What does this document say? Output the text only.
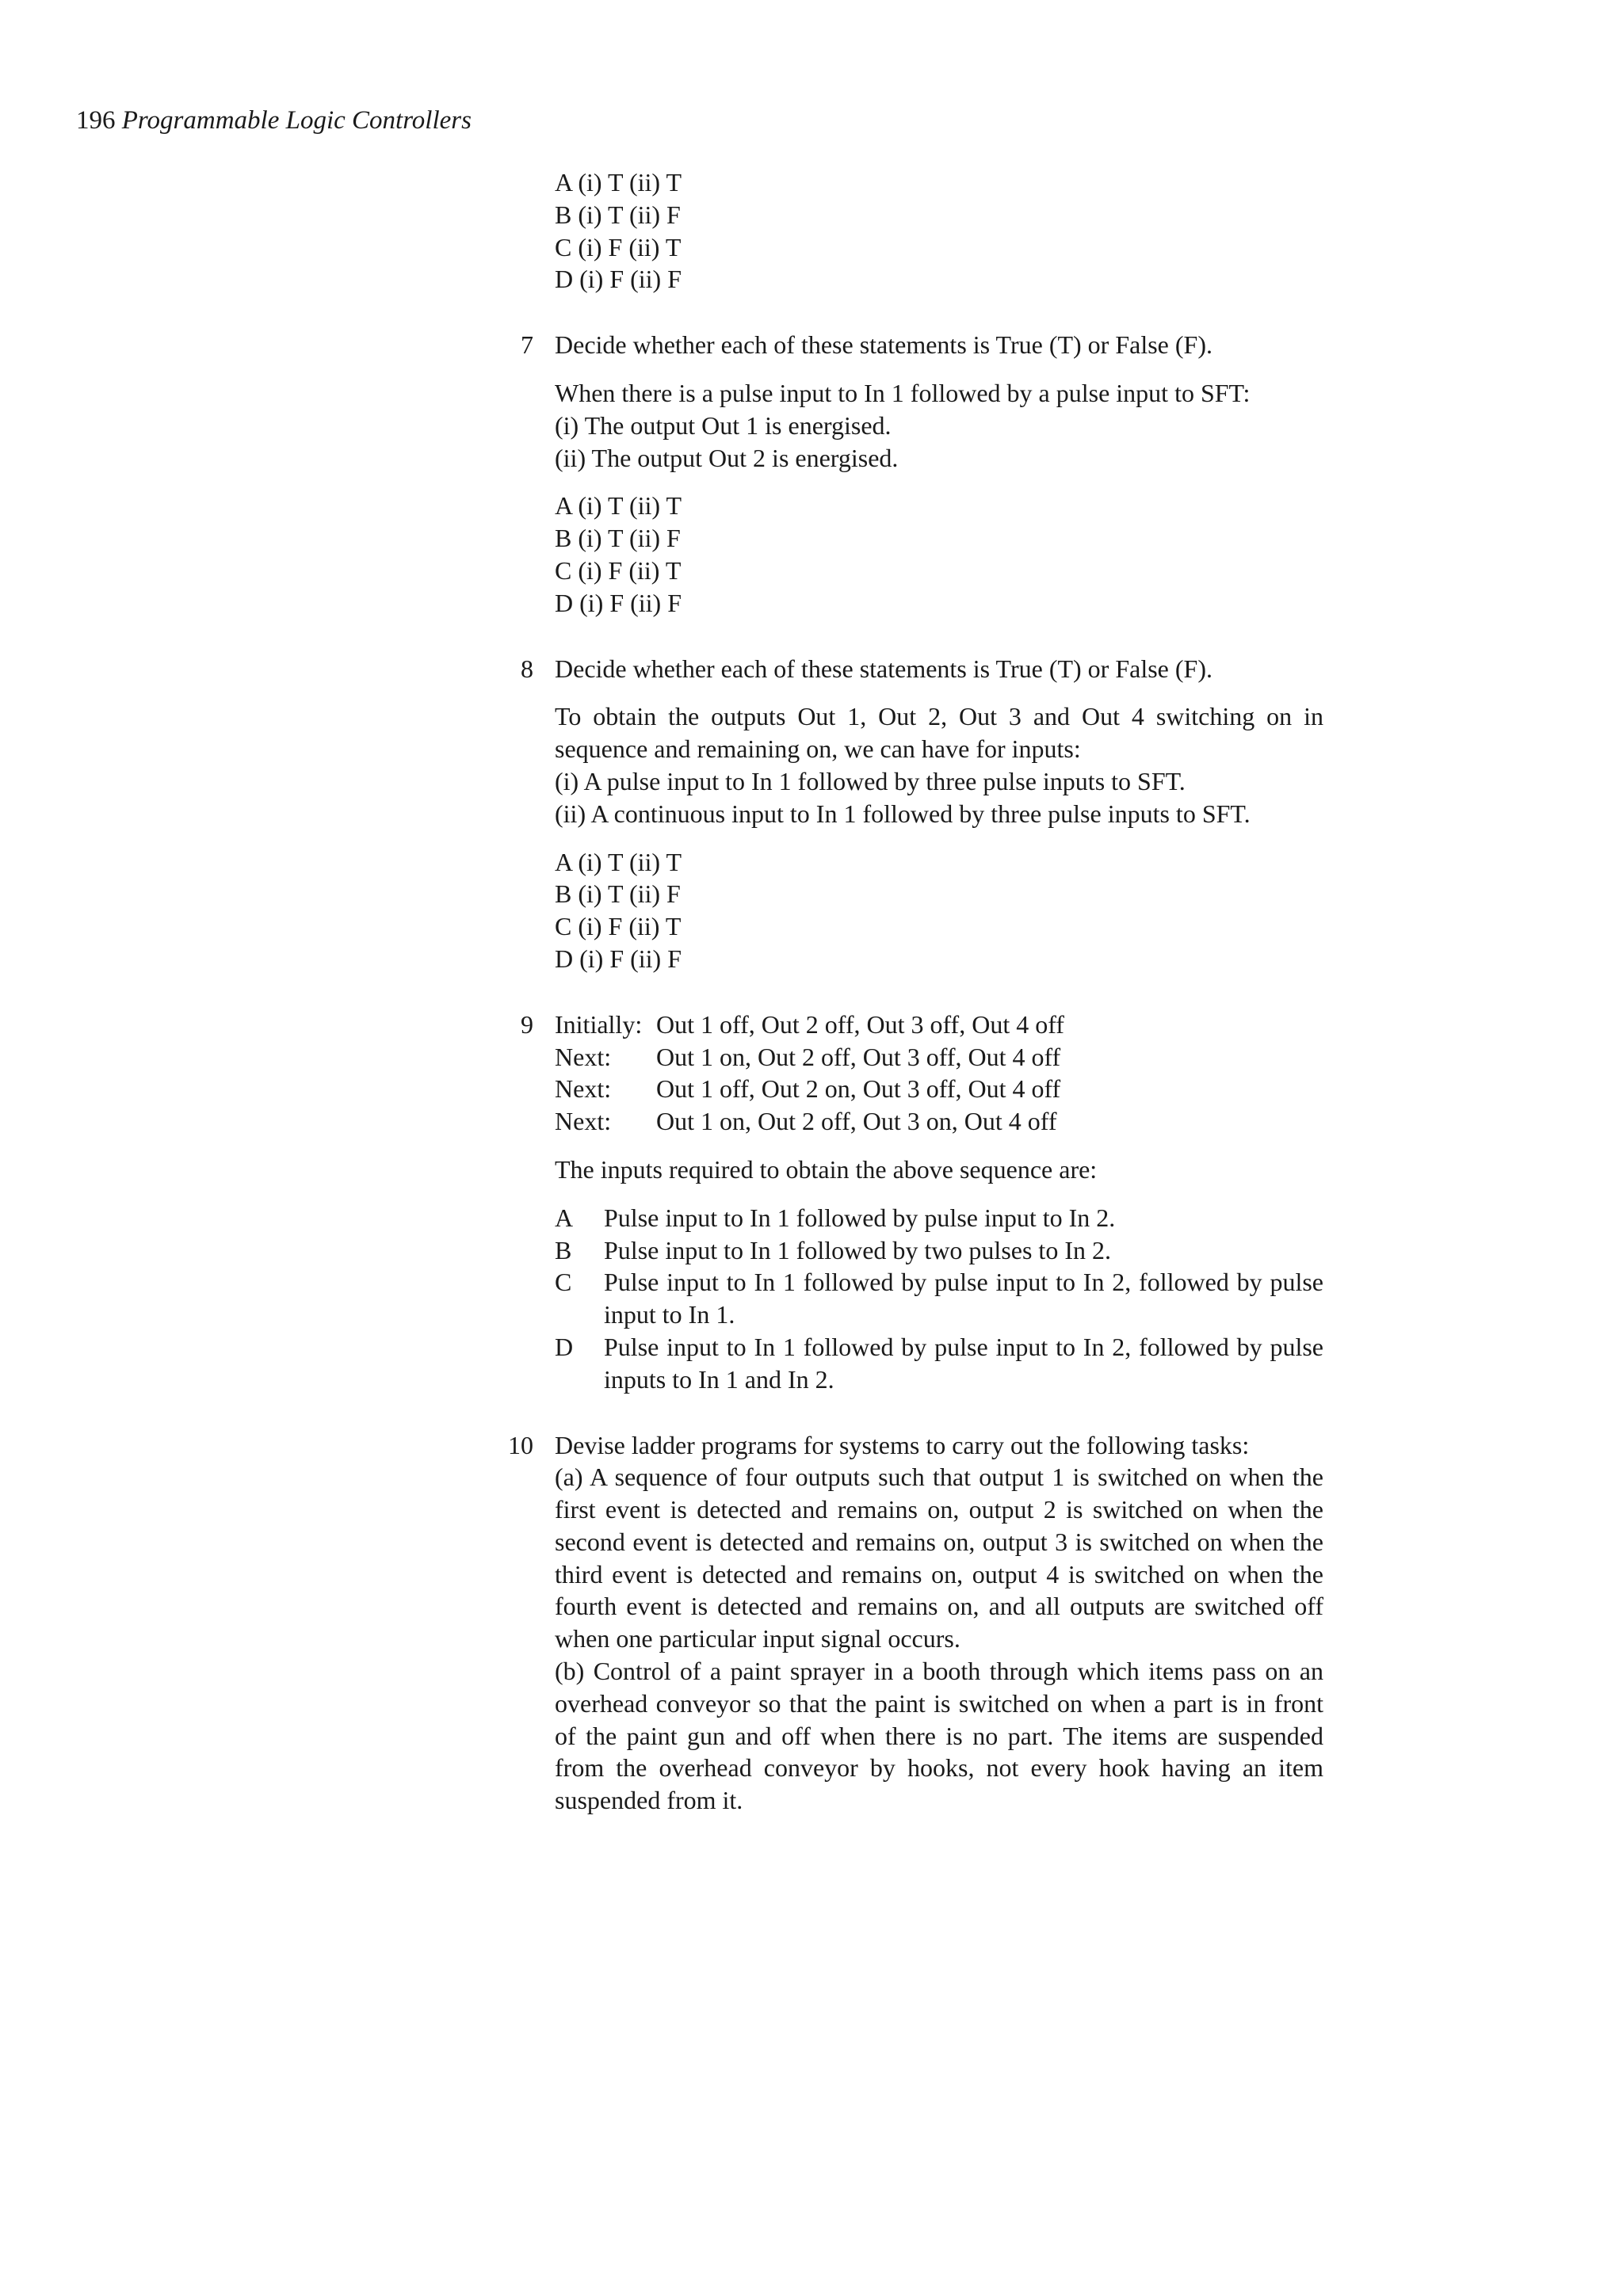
196 Programmable Logic Controllers
A (i) T (ii) T
B (i) T (ii) F
C (i) F (ii) T
D (i) F (ii) F
7 Decide whether each of these statements is True (T) or False (F).
When there is a pulse input to In 1 followed by a pulse input to SFT:
(i) The output Out 1 is energised.
(ii) The output Out 2 is energised.
A (i) T (ii) T
B (i) T (ii) F
C (i) F (ii) T
D (i) F (ii) F
8 Decide whether each of these statements is True (T) or False (F).
To obtain the outputs Out 1, Out 2, Out 3 and Out 4 switching on in sequence and remaining on, we can have for inputs:
(i) A pulse input to In 1 followed by three pulse inputs to SFT.
(ii) A continuous input to In 1 followed by three pulse inputs to SFT.
A (i) T (ii) T
B (i) T (ii) F
C (i) F (ii) T
D (i) F (ii) F
9 Initially: Out 1 off, Out 2 off, Out 3 off, Out 4 off
Next:	Out 1 on, Out 2 off, Out 3 off, Out 4 off
Next:	Out 1 off, Out 2 on, Out 3 off, Out 4 off
Next:	Out 1 on, Out 2 off, Out 3 on, Out 4 off
The inputs required to obtain the above sequence are:
A Pulse input to In 1 followed by pulse input to In 2.
B Pulse input to In 1 followed by two pulses to In 2.
C Pulse input to In 1 followed by pulse input to In 2, followed by pulse input to In 1.
D Pulse input to In 1 followed by pulse input to In 2, followed by pulse inputs to In 1 and In 2.
10 Devise ladder programs for systems to carry out the following tasks:
(a) A sequence of four outputs such that output 1 is switched on when the first event is detected and remains on, output 2 is switched on when the second event is detected and remains on, output 3 is switched on when the third event is detected and remains on, output 4 is switched on when the fourth event is detected and remains on, and all outputs are switched off when one particular input signal occurs.
(b) Control of a paint sprayer in a booth through which items pass on an overhead conveyor so that the paint is switched on when a part is in front of the paint gun and off when there is no part. The items are suspended from the overhead conveyor by hooks, not every hook having an item suspended from it.
